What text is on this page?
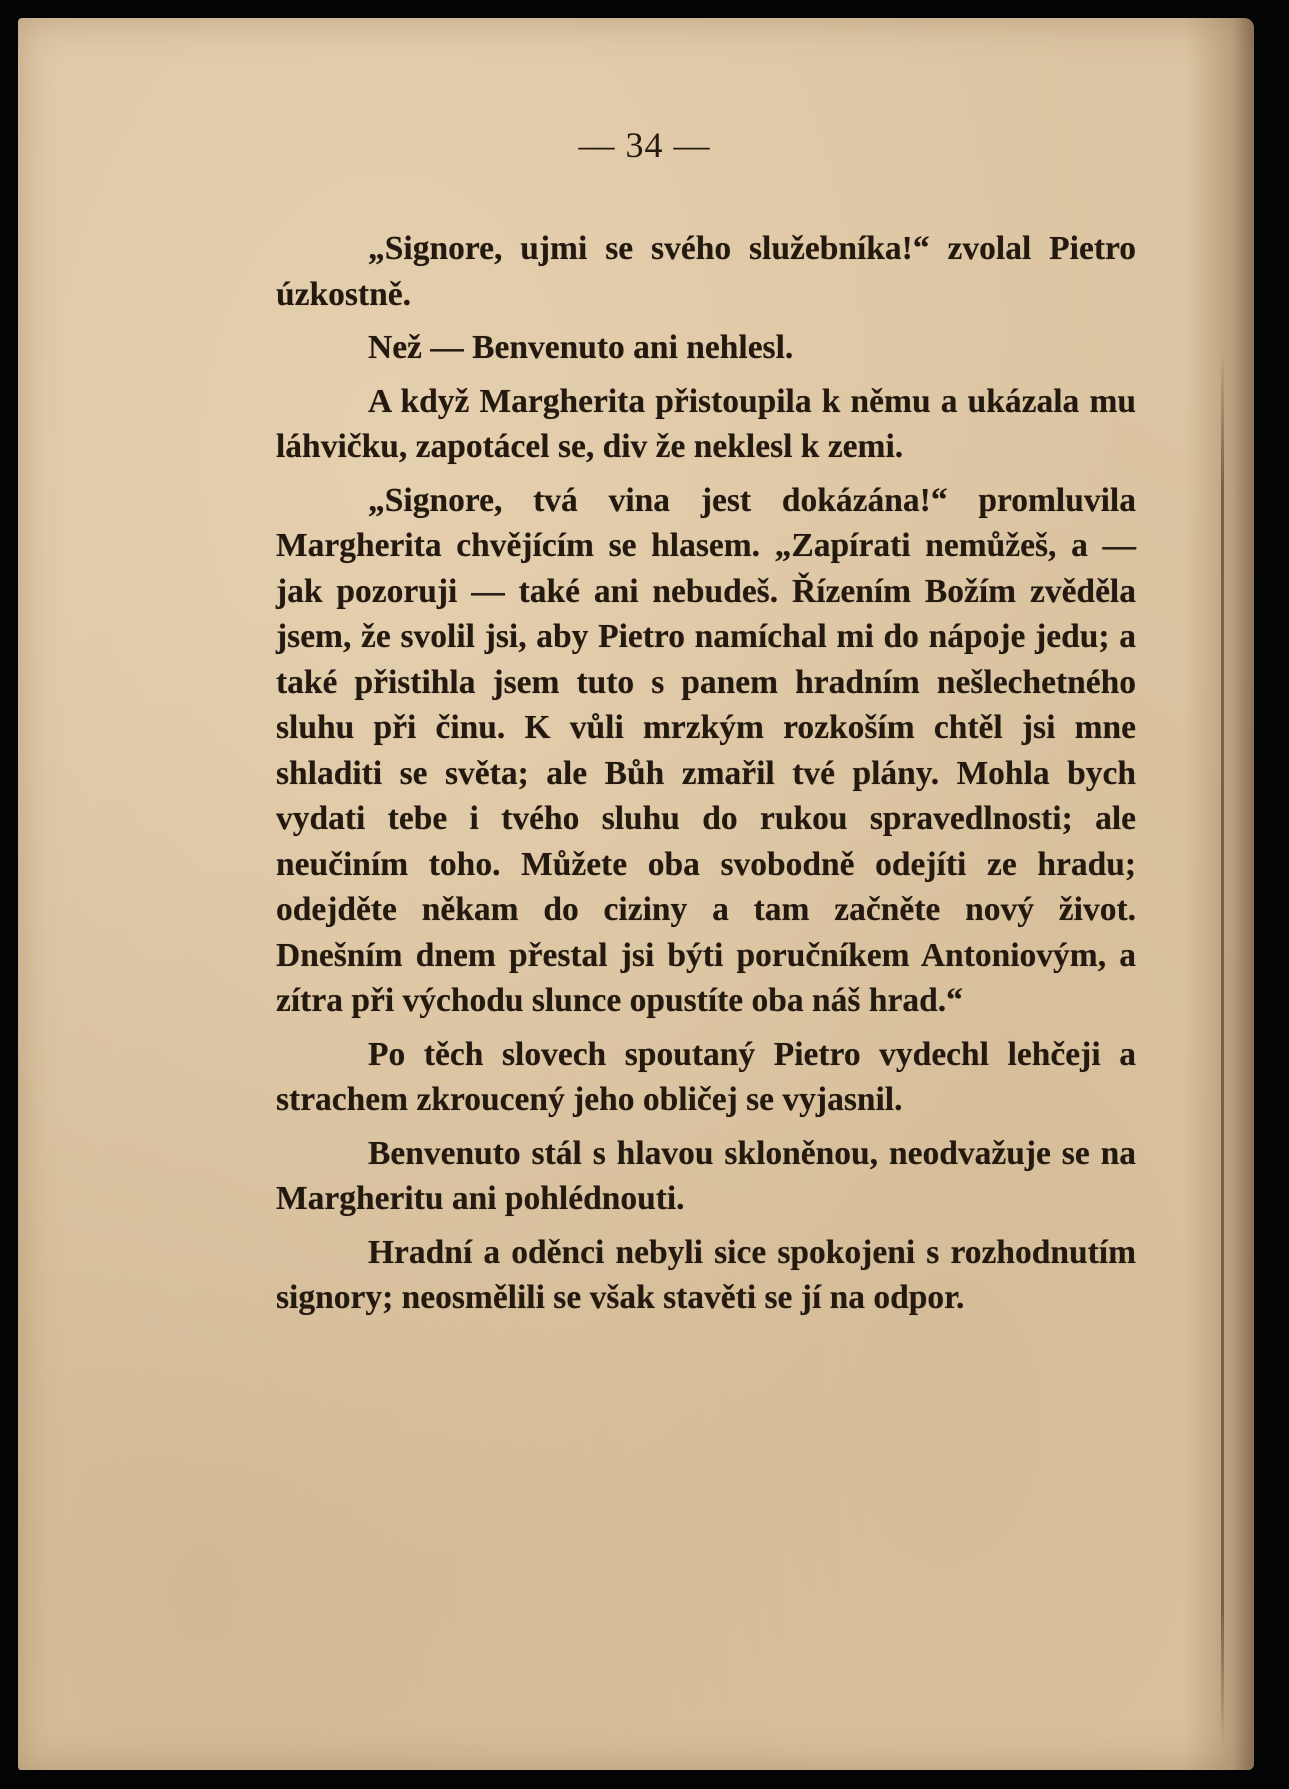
— 34 —

„Signore, ujmi se svého služebníka!“ zvolal Pietro úzkostně.

Než — Benvenuto ani nehlesl.

A když Margherita přistoupila k němu a ukázala mu láhvičku, zapotácel se, div že neklesl k zemi.

„Signore, tvá vina jest dokázána!“ promluvila Margherita chvějícím se hlasem. „Zapírati nemůžeš, a — jak pozoruji — také ani nebudeš. Řízením Božím zvěděla jsem, že svolil jsi, aby Pietro namíchal mi do nápoje jedu; a také přistihla jsem tuto s panem hradním nešlechetného sluhu při činu. K vůli mrzkým rozkoším chtěl jsi mne shladiti se světa; ale Bůh zmařil tvé plány. Mohla bych vydati tebe i tvého sluhu do rukou spravedlnosti; ale neučiním toho. Můžete oba svobodně odejíti ze hradu; odejděte někam do ciziny a tam začněte nový život. Dnešním dnem přestal jsi býti poručníkem Antoniovým, a zítra při východu slunce opustíte oba náš hrad.“

Po těch slovech spoutaný Pietro vydechl lehčeji a strachem zkroucený jeho obličej se vyjasnil.

Benvenuto stál s hlavou skloněnou, neodvažuje se na Margheritu ani pohlédnouti.

Hradní a oděnci nebyli sice spokojeni s rozhodnutím signory; neosmělili se však stavěti se jí na odpor.
